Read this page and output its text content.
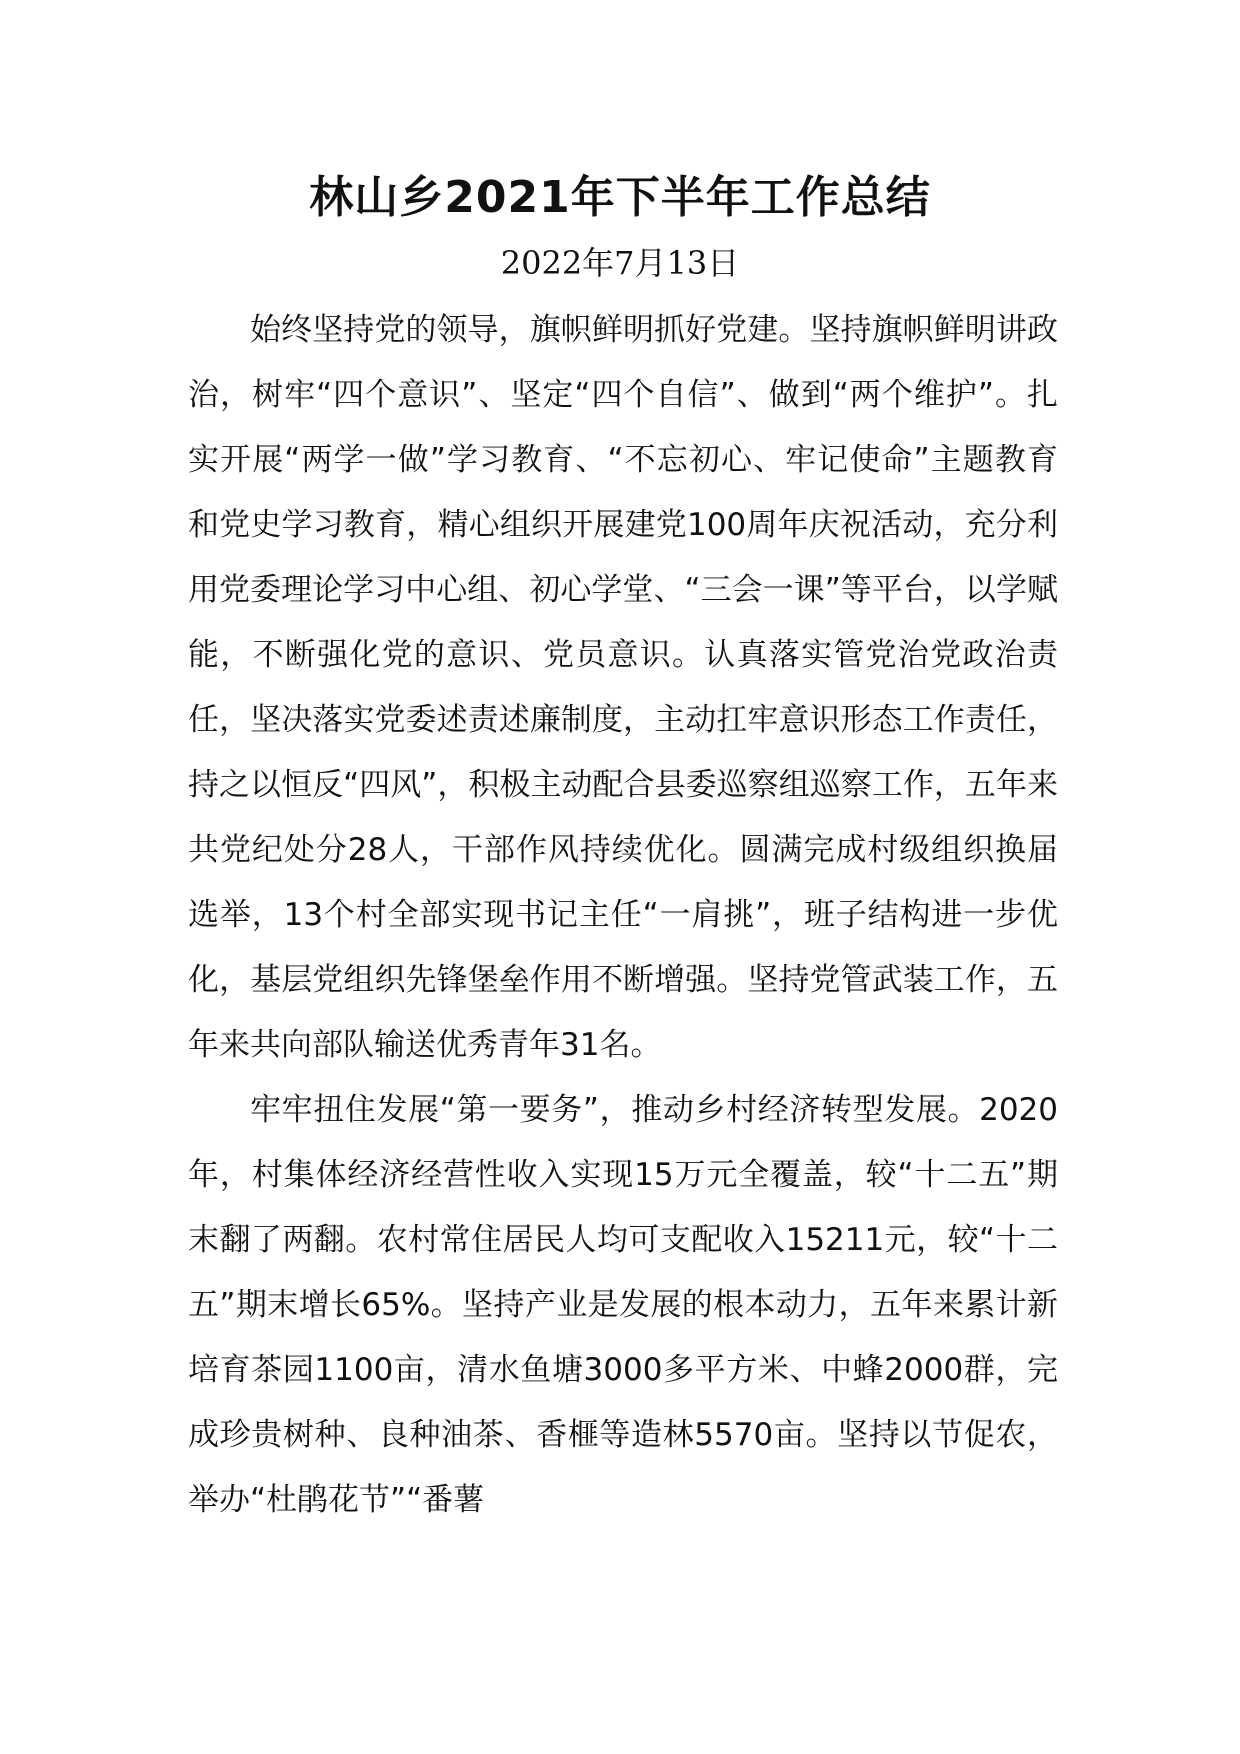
林山乡2021年下半年工作总结
2022年7月13日

始终坚持党的领导，旗帜鲜明抓好党建。坚持旗帜鲜明讲政治，树牢“四个意识”、坚定“四个自信”、做到“两个维护”。扎实开展“两学一做”学习教育、“不忘初心、牢记使命”主题教育和党史学习教育，精心组织开展建党100周年庆祝活动，充分利用党委理论学习中心组、初心学堂、“三会一课”等平台，以学赋能，不断强化党的意识、党员意识。认真落实管党治党政治责任，坚决落实党委述责述廉制度，主动扛牢意识形态工作责任，持之以恒反“四风”，积极主动配合县委巡察组巡察工作，五年来共党纪处分28人，干部作风持续优化。圆满完成村级组织换届选举，13个村全部实现书记主任“一肩挑”，班子结构进一步优化，基层党组织先锋堡垒作用不断增强。坚持党管武装工作，五年来共向部队输送优秀青年31名。

牢牢扭住发展“第一要务”，推动乡村经济转型发展。2020年，村集体经济经营性收入实现15万元全覆盖，较“十二五”期末翻了两翻。农村常住居民人均可支配收入15211元，较“十二五”期末增长65%。坚持产业是发展的根本动力，五年来累计新培育茶园1100亩，清水鱼塘3000多平方米、中蜂2000群，完成珍贵树种、良种油茶、香榧等造林5570亩。坚持以节促农，举办“杜鹃花节”“番薯
